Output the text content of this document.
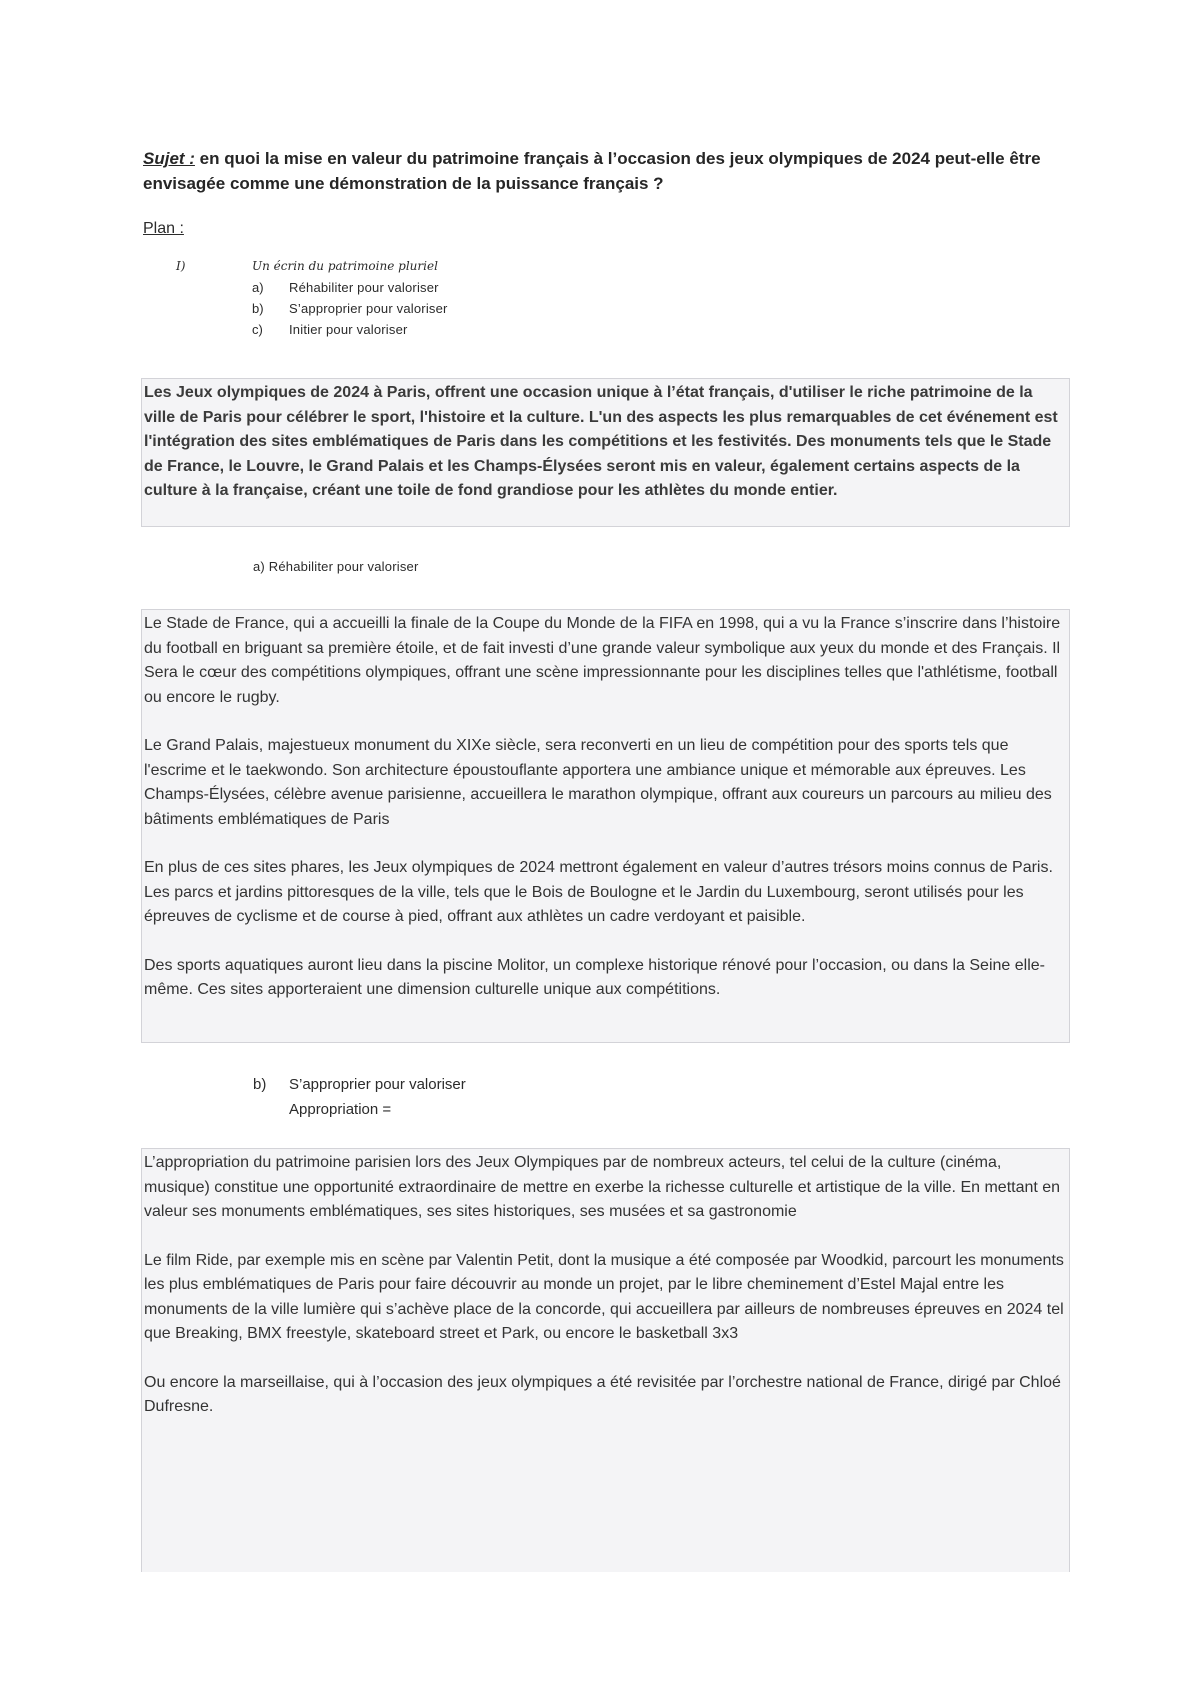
Sujet : en quoi la mise en valeur du patrimoine français à l’occasion des jeux olympiques de 2024 peut-elle être envisagée comme une démonstration de la puissance français ?
Plan :
I)	Un écrin du patrimoine pluriel
a) Réhabiliter pour valoriser
b) S’approprier pour valoriser
c) Initier pour valoriser

Les Jeux olympiques de 2024 à Paris, offrent une occasion unique à l’état français, d'utiliser le riche patrimoine de la ville de Paris pour célébrer le sport, l'histoire et la culture. L'un des aspects les plus remarquables de cet événement est l'intégration des sites emblématiques de Paris dans les compétitions et les festivités. Des monuments tels que le Stade de France, le Louvre, le Grand Palais et les Champs-Élysées seront mis en valeur, également certains aspects de la culture à la française, créant une toile de fond grandiose pour les athlètes du monde entier.

a) Réhabiliter pour valoriser

Le Stade de France, qui a accueilli la finale de la Coupe du Monde de la FIFA en 1998, qui a vu la France s’inscrire dans l’histoire du football en briguant sa première étoile, et de fait investi d’une grande valeur symbolique aux yeux du monde et des Français. Il Sera le cœur des compétitions olympiques, offrant une scène impressionnante pour les disciplines telles que l'athlétisme, football ou encore le rugby.

Le Grand Palais, majestueux monument du XIXe siècle, sera reconverti en un lieu de compétition pour des sports tels que l'escrime et le taekwondo. Son architecture époustouflante apportera une ambiance unique et mémorable aux épreuves. Les Champs-Élysées, célèbre avenue parisienne, accueillera le marathon olympique, offrant aux coureurs un parcours au milieu des bâtiments emblématiques de Paris

En plus de ces sites phares, les Jeux olympiques de 2024 mettront également en valeur d’autres trésors moins connus de Paris. Les parcs et jardins pittoresques de la ville, tels que le Bois de Boulogne et le Jardin du Luxembourg, seront utilisés pour les épreuves de cyclisme et de course à pied, offrant aux athlètes un cadre verdoyant et paisible.

Des sports aquatiques auront lieu dans la piscine Molitor, un complexe historique rénové pour l’occasion, ou dans la Seine elle-même. Ces sites apporteraient une dimension culturelle unique aux compétitions.

b) S’approprier pour valoriser
Appropriation =

L’appropriation du patrimoine parisien lors des Jeux Olympiques par de nombreux acteurs, tel celui de la culture (cinéma, musique) constitue une opportunité extraordinaire de mettre en exerbe la richesse culturelle et artistique de la ville. En mettant en valeur ses monuments emblématiques, ses sites historiques, ses musées et sa gastronomie

Le film Ride, par exemple mis en scène par Valentin Petit, dont la musique a été composée par Woodkid, parcourt les monuments les plus emblématiques de Paris pour faire découvrir au monde un projet, par le libre cheminement d’Estel Majal entre les monuments de la ville lumière qui s’achève place de la concorde, qui accueillera par ailleurs de nombreuses épreuves en 2024 tel que Breaking, BMX freestyle, skateboard street et Park, ou encore le basketball 3x3

Ou encore la marseillaise, qui à l’occasion des jeux olympiques a été revisitée par l’orchestre national de France, dirigé par Chloé Dufresne.
